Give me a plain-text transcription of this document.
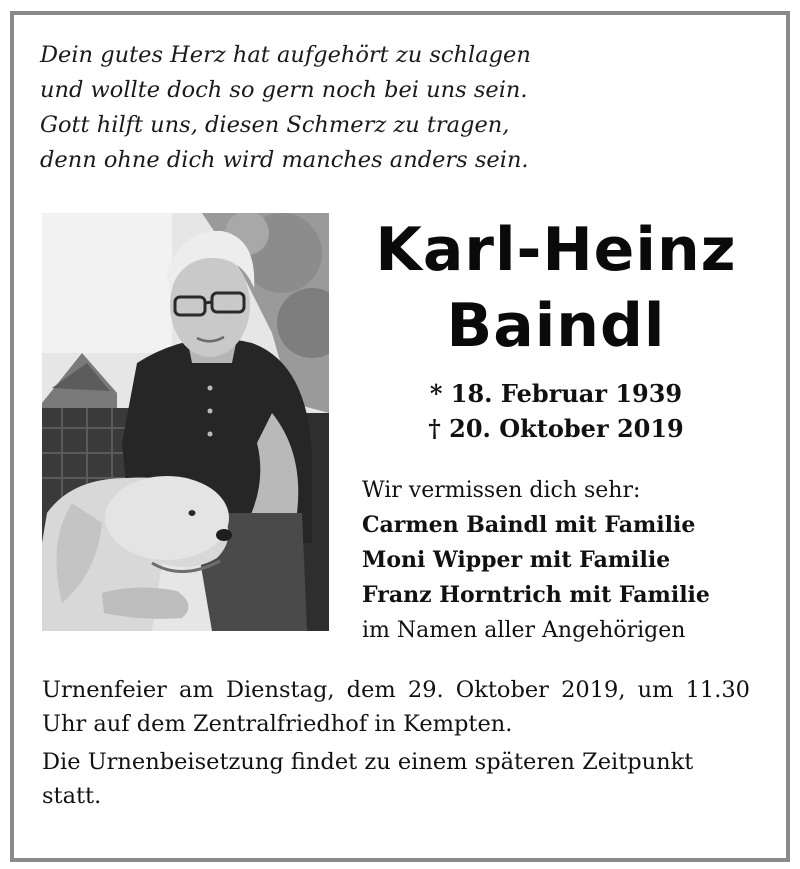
Dein gutes Herz hat aufgehört zu schlagen
und wollte doch so gern noch bei uns sein.
Gott hilft uns, diesen Schmerz zu tragen,
denn ohne dich wird manches anders sein.
Karl-Heinz
Baindl
* 18. Februar 1939
† 20. Oktober 2019
Wir vermissen dich sehr:
Carmen Baindl mit Familie
Moni Wipper mit Familie
Franz Horntrich mit Familie
im Namen aller Angehörigen
Urnenfeier am Dienstag, dem 29. Oktober 2019, um 11.30 Uhr auf dem Zentralfriedhof in Kempten.
Die Urnenbeisetzung findet zu einem späteren Zeitpunkt statt.
